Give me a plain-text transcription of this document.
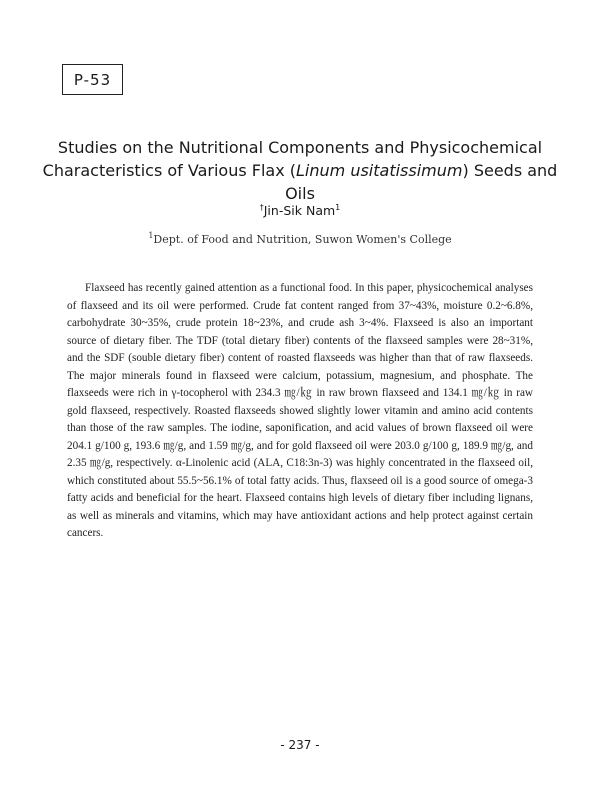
P-53
Studies on the Nutritional Components and Physicochemical
Characteristics of Various Flax (Linum usitatissimum) Seeds and Oils
†Jin-Sik Nam$^1$
$^1$Dept. of Food and Nutrition, Suwon Women's College

Flaxseed has recently gained attention as a functional food. In this paper, physicochemical analyses of flaxseed and its oil were performed. Crude fat content ranged from 37~43%, moisture 0.2~6.8%, carbohydrate 30~35%, crude protein 18~23%, and crude ash 3~4%. Flaxseed is also an important source of dietary fiber. The TDF (total dietary fiber) contents of the flaxseed samples were 28~31%, and the SDF (souble dietary fiber) content of roasted flaxseeds was higher than that of raw flaxseeds. The major minerals found in flaxseed were calcium, potassium, magnesium, and phosphate. The flaxseeds were rich in γ-tocopherol with 234.3 ㎎/㎏ in raw brown flaxseed and 134.1 ㎎/㎏ in raw gold flaxseed, respectively. Roasted flaxseeds showed slightly lower vitamin and amino acid contents than those of the raw samples. The iodine, saponification, and acid values of brown flaxseed oil were 204.1 g/100 g, 193.6 ㎎/g, and 1.59 ㎎/g, and for gold flaxseed oil were 203.0 g/100 g, 189.9 ㎎/g, and 2.35 ㎎/g, respectively. α-Linolenic acid (ALA, C18:3n-3) was highly concentrated in the flaxseed oil, which constituted about 55.5~56.1% of total fatty acids. Thus, flaxseed oil is a good source of omega-3 fatty acids and beneficial for the heart. Flaxseed contains high levels of dietary fiber including lignans, as well as minerals and vitamins, which may have antioxidant actions and help protect against certain cancers.

- 237 -
